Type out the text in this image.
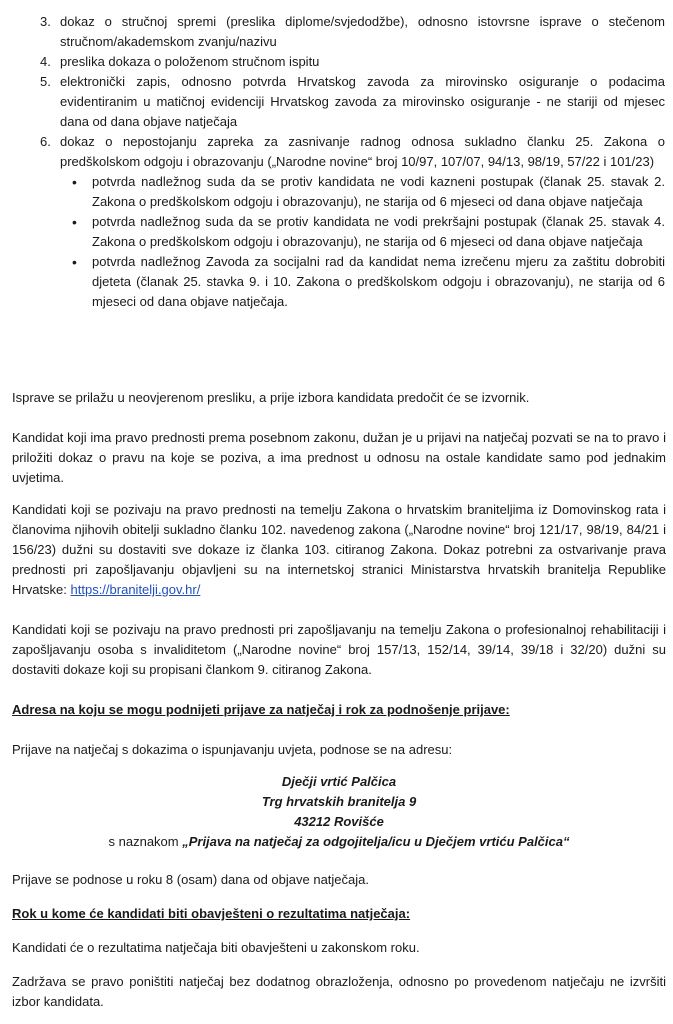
3. dokaz o stručnoj spremi (preslika diplome/svjedodžbe), odnosno istovrsne isprave o stečenom stručnom/akademskom zvanju/nazivu
4. preslika dokaza o položenom stručnom ispitu
5. elektronički zapis, odnosno potvrda Hrvatskog zavoda za mirovinsko osiguranje o podacima evidentiranim u matičnoj evidenciji Hrvatskog zavoda za mirovinsko osiguranje - ne stariji od mjesec dana od dana objave natječaja
6. dokaz o nepostojanju zapreka za zasnivanje radnog odnosa sukladno članku 25. Zakona o predškolskom odgoju i obrazovanju („Narodne novine“ broj 10/97, 107/07, 94/13, 98/19, 57/22 i 101/23)
• potvrda nadležnog suda da se protiv kandidata ne vodi kazneni postupak (članak 25. stavak 2. Zakona o predškolskom odgoju i obrazovanju), ne starija od 6 mjeseci od dana objave natječaja
• potvrda nadležnog suda da se protiv kandidata ne vodi prekršajni postupak (članak 25. stavak 4. Zakona o predškolskom odgoju i obrazovanju), ne starija od 6 mjeseci od dana objave natječaja
• potvrda nadležnog Zavoda za socijalni rad da kandidat nema izrečenu mjeru za zaštitu dobrobiti djeteta (članak 25. stavka 9. i 10. Zakona o predškolskom odgoju i obrazovanju), ne starija od 6 mjeseci od dana objave natječaja.
Isprave se prilažu u neovjerenom presliku, a prije izbora kandidata predočit će se izvornik.
Kandidat koji ima pravo prednosti prema posebnom zakonu, dužan je u prijavi na natječaj pozvati se na to pravo i priložiti dokaz o pravu na koje se poziva, a ima prednost u odnosu na ostale kandidate samo pod jednakim uvjetima.
Kandidati koji se pozivaju na pravo prednosti na temelju Zakona o hrvatskim braniteljima iz Domovinskog rata i članovima njihovih obitelji sukladno članku 102. navedenog zakona („Narodne novine“ broj 121/17, 98/19, 84/21 i 156/23) dužni su dostaviti sve dokaze iz članka 103. citiranog Zakona. Dokaz potrebni za ostvarivanje prava prednosti pri zapošljavanju objavljeni su na internetskoj stranici Ministarstva hrvatskih branitelja Republike Hrvatske: https://branitelji.gov.hr/
Kandidati koji se pozivaju na pravo prednosti pri zapošljavanju na temelju Zakona o profesionalnoj rehabilitaciji i zapošljavanju osoba s invaliditetom („Narodne novine“ broj 157/13, 152/14, 39/14, 39/18 i 32/20) dužni su dostaviti dokaze koji su propisani člankom 9. citiranog Zakona.
Adresa na koju se mogu podnijeti prijave za natječaj i rok za podnošenje prijave:
Prijave na natječaj s dokazima o ispunjavanju uvjeta, podnose se na adresu:
Dječji vrtić Palčica
Trg hrvatskih branitelja 9
43212 Rovišće
s naznakom „Prijava na natječaj za odgojitelja/icu u Dječjem vrtiću Palčica“
Prijave se podnose u roku 8 (osam) dana od objave natječaja.
Rok u kome će kandidati biti obavješteni o rezultatima natječaja:
Kandidati će o rezultatima natječaja biti obavješteni u zakonskom roku.
Zadržava se pravo poništiti natječaj bez dodatnog obrazloženja, odnosno po provedenom natječaju ne izvršiti izbor kandidata.
